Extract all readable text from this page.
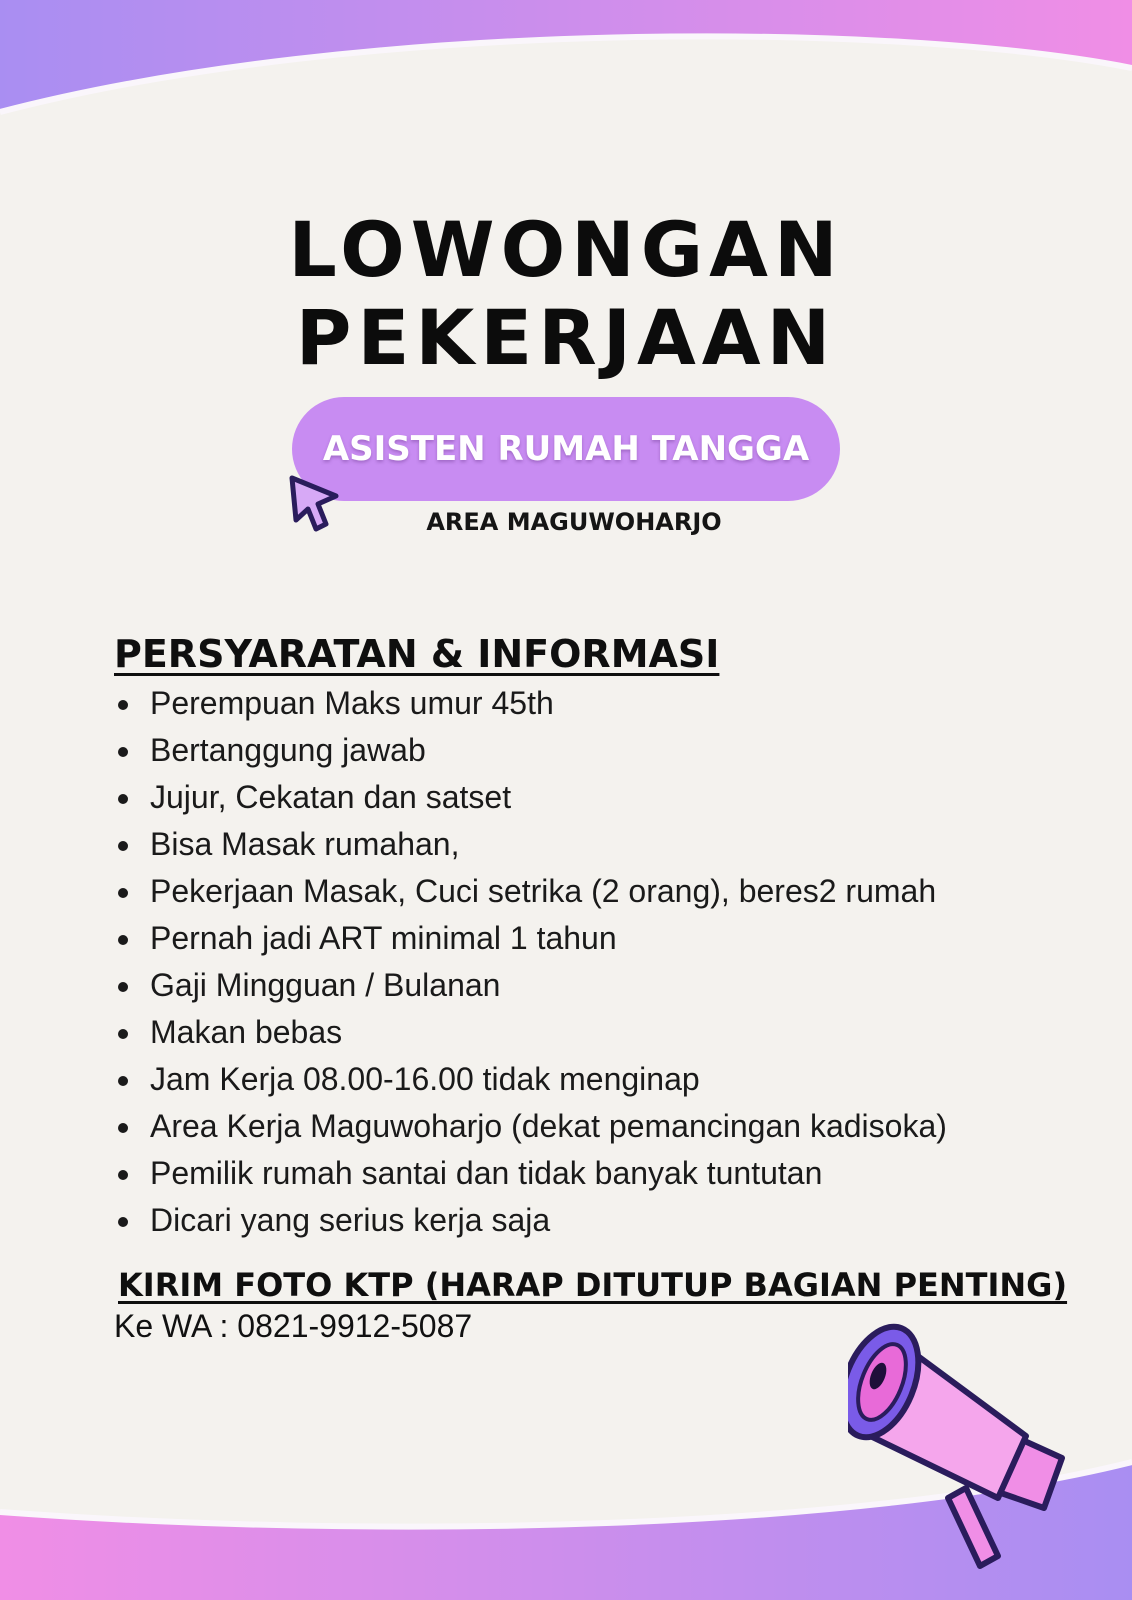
LOWONGAN
PEKERJAAN
ASISTEN RUMAH TANGGA
AREA MAGUWOHARJO
PERSYARATAN & INFORMASI
Perempuan Maks umur 45th
Bertanggung jawab
Jujur, Cekatan dan satset
Bisa Masak rumahan,
Pekerjaan Masak, Cuci setrika (2 orang), beres2 rumah
Pernah jadi ART minimal 1 tahun
Gaji Mingguan / Bulanan
Makan bebas
Jam Kerja 08.00-16.00 tidak menginap
Area Kerja Maguwoharjo (dekat pemancingan kadisoka)
Pemilik rumah santai dan tidak banyak tuntutan
Dicari yang serius kerja saja
KIRIM FOTO KTP (HARAP DITUTUP BAGIAN PENTING)
Ke WA : 0821-9912-5087
